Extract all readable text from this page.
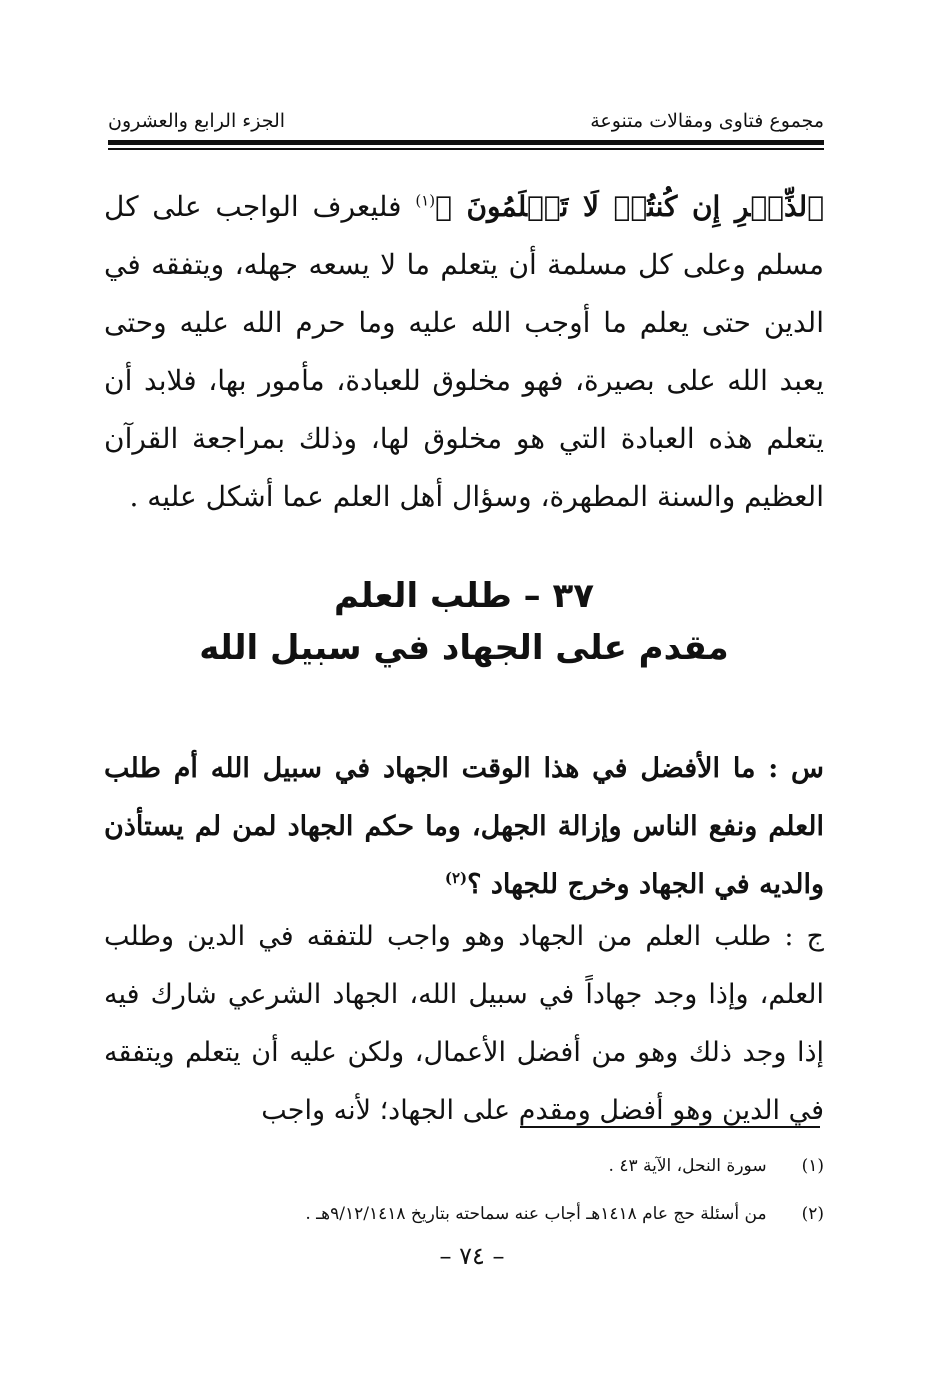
مجموع فتاوى ومقالات متنوعة
الجزء الرابع والعشرون
ٱلذِّكۡرِ إِن كُنتُمۡ لَا تَعۡلَمُونَ ﴾$^{(١)}$ فليعرف الواجب على كل مسلم وعلى كل مسلمة أن يتعلم ما لا يسعه جهله، ويتفقه في الدين حتى يعلم ما أوجب الله عليه وما حرم الله عليه وحتى يعبد الله على بصيرة، فهو مخلوق للعبادة، مأمور بها، فلابد أن يتعلم هذه العبادة التي هو مخلوق لها، وذلك بمراجعة القرآن العظيم والسنة المطهرة، وسؤال أهل العلم عما أشكل عليه .
٣٧ – طلب العلم
مقدم على الجهاد في سبيل الله
س : ما الأفضل في هذا الوقت الجهاد في سبيل الله أم طلب العلم ونفع الناس وإزالة الجهل، وما حكم الجهاد لمن لم يستأذن والديه في الجهاد وخرج للجهاد ؟$^{(٢)}$
ج : طلب العلم من الجهاد وهو واجب للتفقه في الدين وطلب العلم، وإذا وجد جهاداً في سبيل الله، الجهاد الشرعي شارك فيه إذا وجد ذلك وهو من أفضل الأعمال، ولكن عليه أن يتعلم ويتفقه في الدين وهو أفضل ومقدم على الجهاد؛ لأنه واجب
(١) سورة النحل، الآية ٤٣ .
(٢) من أسئلة حج عام ١٤١٨هـ أجاب عنه سماحته بتاريخ ٩/١٢/١٤١٨هـ .
– ٧٤ –
